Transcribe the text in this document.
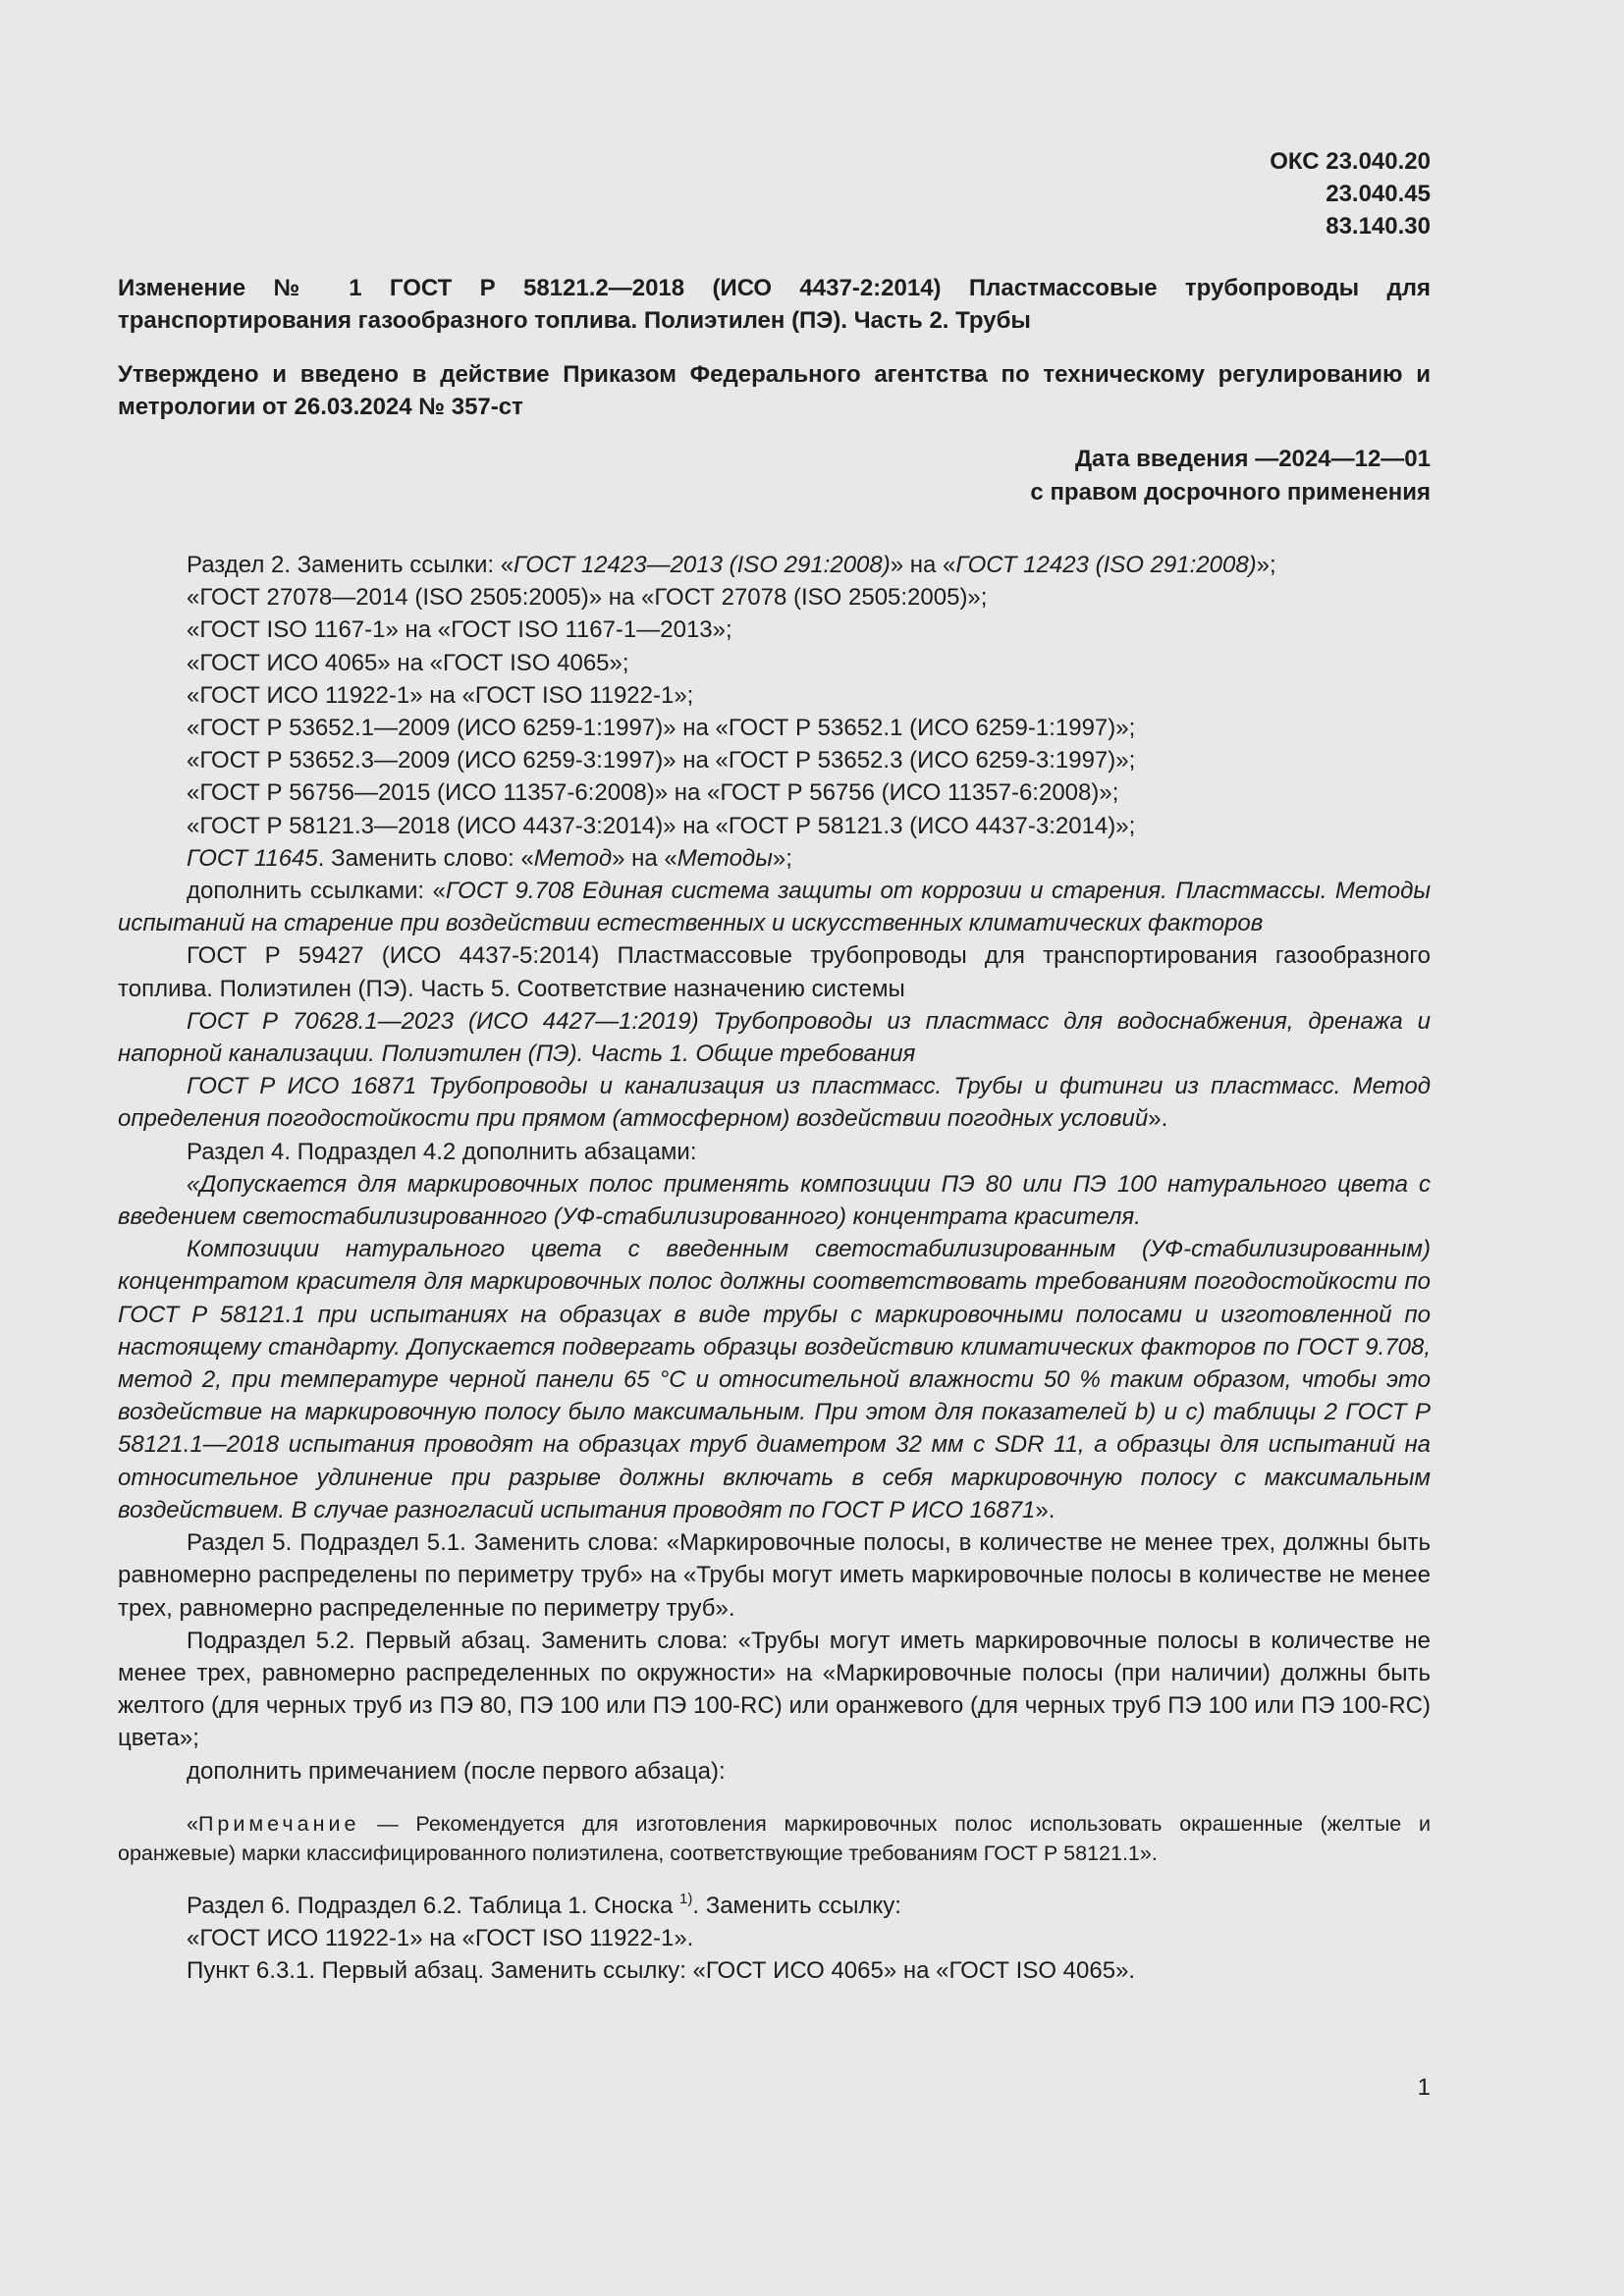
ОКС 23.040.20
23.040.45
83.140.30
Изменение № 1 ГОСТ Р 58121.2—2018 (ИСО 4437-2:2014) Пластмассовые трубопроводы для транспортирования газообразного топлива. Полиэтилен (ПЭ). Часть 2. Трубы
Утверждено и введено в действие Приказом Федерального агентства по техническому регулированию и метрологии от 26.03.2024 № 357-ст
Дата введения —2024—12—01
с правом досрочного применения

Раздел 2. Заменить ссылки: «ГОСТ 12423—2013 (ISO 291:2008)» на «ГОСТ 12423 (ISO 291:2008)»;

«ГОСТ 27078—2014 (ISO 2505:2005)» на «ГОСТ 27078 (ISO 2505:2005)»;

«ГОСТ ISO 1167-1» на «ГОСТ ISO 1167-1—2013»;

«ГОСТ ИСО 4065» на «ГОСТ ISO 4065»;

«ГОСТ ИСО 11922-1» на «ГОСТ ISO 11922-1»;

«ГОСТ Р 53652.1—2009 (ИСО 6259-1:1997)» на «ГОСТ Р 53652.1 (ИСО 6259-1:1997)»;

«ГОСТ Р 53652.3—2009 (ИСО 6259-3:1997)» на «ГОСТ Р 53652.3 (ИСО 6259-3:1997)»;

«ГОСТ Р 56756—2015 (ИСО 11357-6:2008)» на «ГОСТ Р 56756 (ИСО 11357-6:2008)»;

«ГОСТ Р 58121.3—2018 (ИСО 4437-3:2014)» на «ГОСТ Р 58121.3 (ИСО 4437-3:2014)»;

ГОСТ 11645. Заменить слово: «Метод» на «Методы»;

дополнить ссылками: «ГОСТ 9.708 Единая система защиты от коррозии и старения. Пластмассы. Методы испытаний на старение при воздействии естественных и искусственных климатических факторов

ГОСТ Р 59427 (ИСО 4437-5:2014) Пластмассовые трубопроводы для транспортирования газообразного топлива. Полиэтилен (ПЭ). Часть 5. Соответствие назначению системы

ГОСТ Р 70628.1—2023 (ИСО 4427—1:2019) Трубопроводы из пластмасс для водоснабжения, дренажа и напорной канализации. Полиэтилен (ПЭ). Часть 1. Общие требования

ГОСТ Р ИСО 16871 Трубопроводы и канализация из пластмасс. Трубы и фитинги из пластмасс. Метод определения погодостойкости при прямом (атмосферном) воздействии погодных условий».

Раздел 4. Подраздел 4.2 дополнить абзацами:

«Допускается для маркировочных полос применять композиции ПЭ 80 или ПЭ 100 натурального цвета с введением светостабилизированного (УФ-стабилизированного) концентрата красителя.

Композиции натурального цвета с введенным светостабилизированным (УФ-стабилизированным) концентратом красителя для маркировочных полос должны соответствовать требованиям погодостойкости по ГОСТ Р 58121.1 при испытаниях на образцах в виде трубы с маркировочными полосами и изготовленной по настоящему стандарту. Допускается подвергать образцы воздействию климатических факторов по ГОСТ 9.708, метод 2, при температуре черной панели 65 °С и относительной влажности 50 % таким образом, чтобы это воздействие на маркировочную полосу было максимальным. При этом для показателей b) и с) таблицы 2 ГОСТ Р 58121.1—2018 испытания проводят на образцах труб диаметром 32 мм с SDR 11, а образцы для испытаний на относительное удлинение при разрыве должны включать в себя маркировочную полосу с максимальным воздействием. В случае разногласий испытания проводят по ГОСТ Р ИСО 16871».

Раздел 5. Подраздел 5.1. Заменить слова: «Маркировочные полосы, в количестве не менее трех, должны быть равномерно распределены по периметру труб» на «Трубы могут иметь маркировочные полосы в количестве не менее трех, равномерно распределенные по периметру труб».

Подраздел 5.2. Первый абзац. Заменить слова: «Трубы могут иметь маркировочные полосы в количестве не менее трех, равномерно распределенных по окружности» на «Маркировочные полосы (при наличии) должны быть желтого (для черных труб из ПЭ 80, ПЭ 100 или ПЭ 100-RC) или оранжевого (для черных труб ПЭ 100 или ПЭ 100-RC) цвета»;

дополнить примечанием (после первого абзаца):

«Примечание — Рекомендуется для изготовления маркировочных полос использовать окрашенные (желтые и оранжевые) марки классифицированного полиэтилена, соответствующие требованиям ГОСТ Р 58121.1».

Раздел 6. Подраздел 6.2. Таблица 1. Сноска $^{1)}$. Заменить ссылку:

«ГОСТ ИСО 11922-1» на «ГОСТ ISO 11922-1».

Пункт 6.3.1. Первый абзац. Заменить ссылку: «ГОСТ ИСО 4065» на «ГОСТ ISO 4065».

1
